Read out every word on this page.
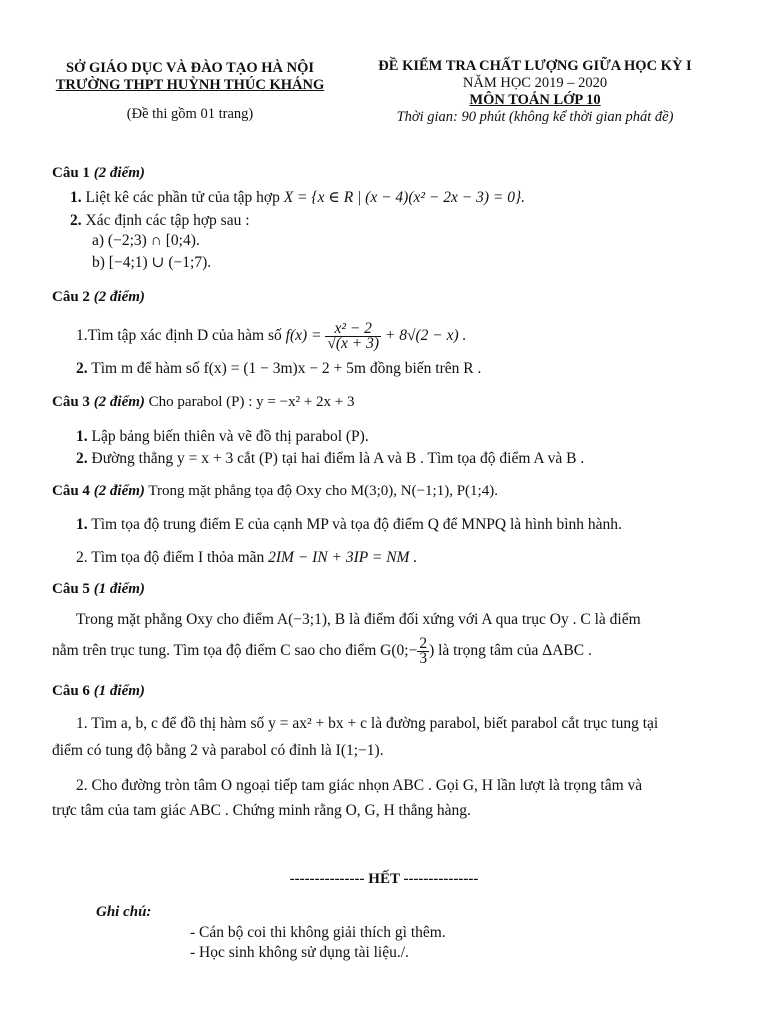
SỞ GIÁO DỤC VÀ ĐÀO TẠO HÀ NỘI
TRƯỜNG THPT HUỲNH THÚC KHÁNG
(Đề thi gồm 01 trang)
ĐỀ KIỂM TRA CHẤT LƯỢNG GIỮA HỌC KỲ I
NĂM HỌC 2019 – 2020
MÔN TOÁN LỚP 10
Thời gian: 90 phút (không kể thời gian phát đề)
Câu 1 (2 điểm)
1. Liệt kê các phần tử của tập hợp X = {x ∈ R | (x − 4)(x² − 2x − 3) = 0}.
2. Xác định các tập hợp sau :
a) (−2;3) ∩ [0;4).
b) [−4;1) ∪ (−1;7).
Câu 2 (2 điểm)
1.Tìm tập xác định D của hàm số $f(x) = \frac{\text{x² − 2}}{√(x + 3)} + 8√(2 - x)$ .
2. Tìm m để hàm số f(x) = (1 − 3m)x − 2 + 5m đồng biến trên R .
Câu 3 (2 điểm) Cho parabol (P) : y = −x² + 2x + 3
1. Lập bảng biến thiên và vẽ đồ thị parabol (P).
2. Đường thẳng y = x + 3 cắt (P) tại hai điểm là A và B . Tìm tọa độ điểm A và B .
Câu 4 (2 điểm) Trong mặt phẳng tọa độ Oxy cho M(3;0), N(−1;1), P(1;4).
1. Tìm tọa độ trung điểm E của cạnh MP và tọa độ điểm Q để MNPQ là hình bình hành.
2. Tìm tọa độ điểm I thỏa mãn 2IM − IN + 3IP = NM .
Câu 5 (1 điểm)
Trong mặt phẳng Oxy cho điểm A(−3;1), B là điểm đối xứng với A qua trục Oy . C là điểm
nằm trên trục tung. Tìm tọa độ điểm C sao cho điểm G(0;− $\frac{2}{3}$ ) là trọng tâm của ΔABC .
Câu 6 (1 điểm)
1. Tìm a, b, c để đồ thị hàm số y = ax² + bx + c là đường parabol, biết parabol cắt trục tung tại
điểm có tung độ bằng 2 và parabol có đỉnh là I(1;−1).
2. Cho đường tròn tâm O ngoại tiếp tam giác nhọn ABC . Gọi G, H lần lượt là trọng tâm và
trực tâm của tam giác ABC . Chứng minh rằng O, G, H thẳng hàng.
--------------- HẾT ---------------
Ghi chú:
- Cán bộ coi thi không giải thích gì thêm.
- Học sinh không sử dụng tài liệu./.
